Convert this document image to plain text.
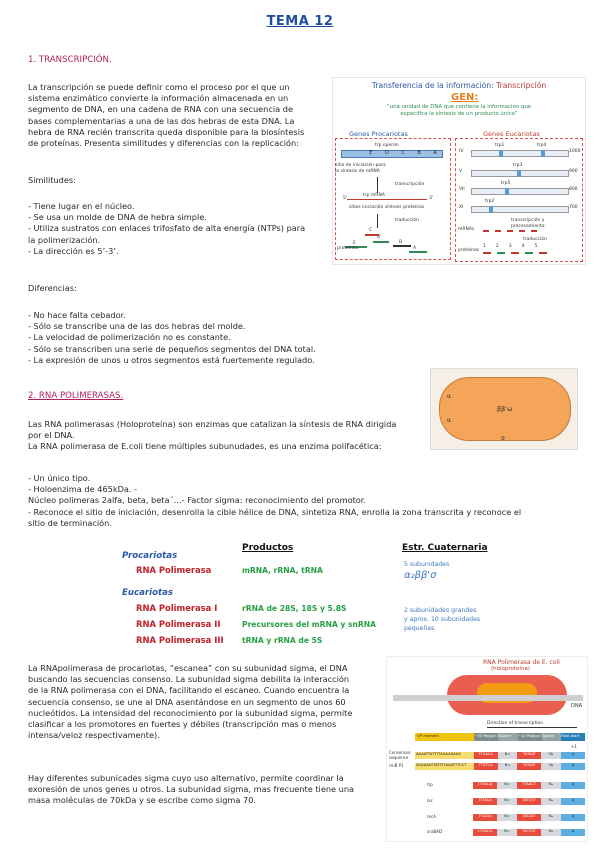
TEMA 12
1. TRANSCRIPCIÓN.
La transcripción se puede definir como el proceso por el que un
sistema enzimático convierte la información almacenada en un
segmento de DNA, en una cadena de RNA con una secuencia de
bases complementarias a una de las dos hebras de esta DNA. La
hebra de RNA recién transcrita queda disponible para la biosíntesis
de proteínas. Presenta similitudes y diferencias con la replicación:
Similitudes:
- Tiene lugar en el núcleo.
- Se usa un molde de DNA de hebra simple.
- Utiliza sustratos con enlaces trifosfato de alta energía (NTPs) para
la polimerización.
- La dirección es 5’-3’.
Diferencias:
- No hace falta cebador.
- Sólo se transcribe una de las dos hebras del molde.
- La velocidad de polimerización no es constante.
- Sólo se transcriben una serie de pequeños segmentos del DNA total.
- La expresión de unos u otros segmentos está fuertemente regulado.
Transferencia de la información: Transcripción
GEN:
“una unidad de DNA que contiene la información que
especifica la síntesis de un producto único”
Genes Procariotas	Genes Eucariotas
trp operon
E	D	C	B	A
sitio de iniciación para
la síntesis de mRNA
transcripción
trp mRNA
5'	3'
sitios iniciación síntesis proteínas
traducción
C
D
E	B
A
proteínas
IV
V
VII
XI
trp1	trp4
trp3
trp5
trp2
1000
900
800
700
transcripción y procesamiento
mRNAs
traducción
proteínas
1 2 3 4 5
2. RNA POLIMERASAS.	α
α
ββ'ω
σ
Las RNA polimerasas (Holoproteína) son enzimas que catalizan la síntesis de RNA dirigida
por el DNA.
La RNA polimerasa de E.coli tiene múltiples subunudades, es una enzima polifacética:
- Un único tipo.
- Holoenzima de 465kDa. -
Núcleo polimeras 2alfa, beta, beta´…- Factor sigma: reconocimiento del promotor.
- Reconoce el sitio de iniciación, desenrolla la cible hélice de DNA, sintetiza RNA, enrolla la zona transcrita y reconoce el
sitio de terminación.
Productos	Estr. Cuaternaria
Procariotas
RNA Polimerasa	mRNA, rRNA, tRNA
5 subunidades
α₂ββ'σ
Eucariotas
RNA Polimerasa I	rRNA de 28S, 18S y 5.8S
RNA Polimerasa II	Precursores del mRNA y snRNA
RNA Polimerasa III tRNA y rRNA de 5S
2 subunidades grandes
y aprox. 10 subunidades
pequeñas
La RNApolimerasa de procariotas, “escanea” con su subunidad sigma, el DNA
buscando las secuencias consenso. La subunidad sigma debilita la interacción
de la RNA polimerasa con el DNA, facilitando el escaneo. Cuando encuentra la
secuencia consenso, se une al DNA asentándose en un segmento de unos 60
nucleótidos. La intensidad del reconocimiento por la subunidad sigma, permite
clasificar a los promotores en fuertes y débiles (transcripción mas o menos
intensa/veloz respectivamente).
Hay diferentes subunicades sigma cuyo uso alternativo, permite coordinar la
exoresión de unos genes u otros. La subunidad sigma, mas frecuente tiene una
masa moléculas de 70kDa y se escribe como sigma 70.
RNA Polimerasa de E. coli
(holoproteína)
DNA
Direction of transcription
UP element	−35 Region Spacer	−10 Region Spacer	RNA start
+1
Consensus sequence
AAAATTATTTTAAAAAAAA	TTGACA	N₁₇	TATAAT	N₆	A
rrnB P1	AGAAAATTATTTTAAATTTCCT	TTGTCA	N₁₇	TATAAT	N₆	A
trp	TTGACA	N₁₇	TTAACT	N₆	A
lac	TTTACA	N₁₇	TATGTT	N₆	A
recA	TTGATA	N₁₇	TATAAT	N₆	A
araBAD	CTGACG	N₁₇	TACTGT	N₆	A
